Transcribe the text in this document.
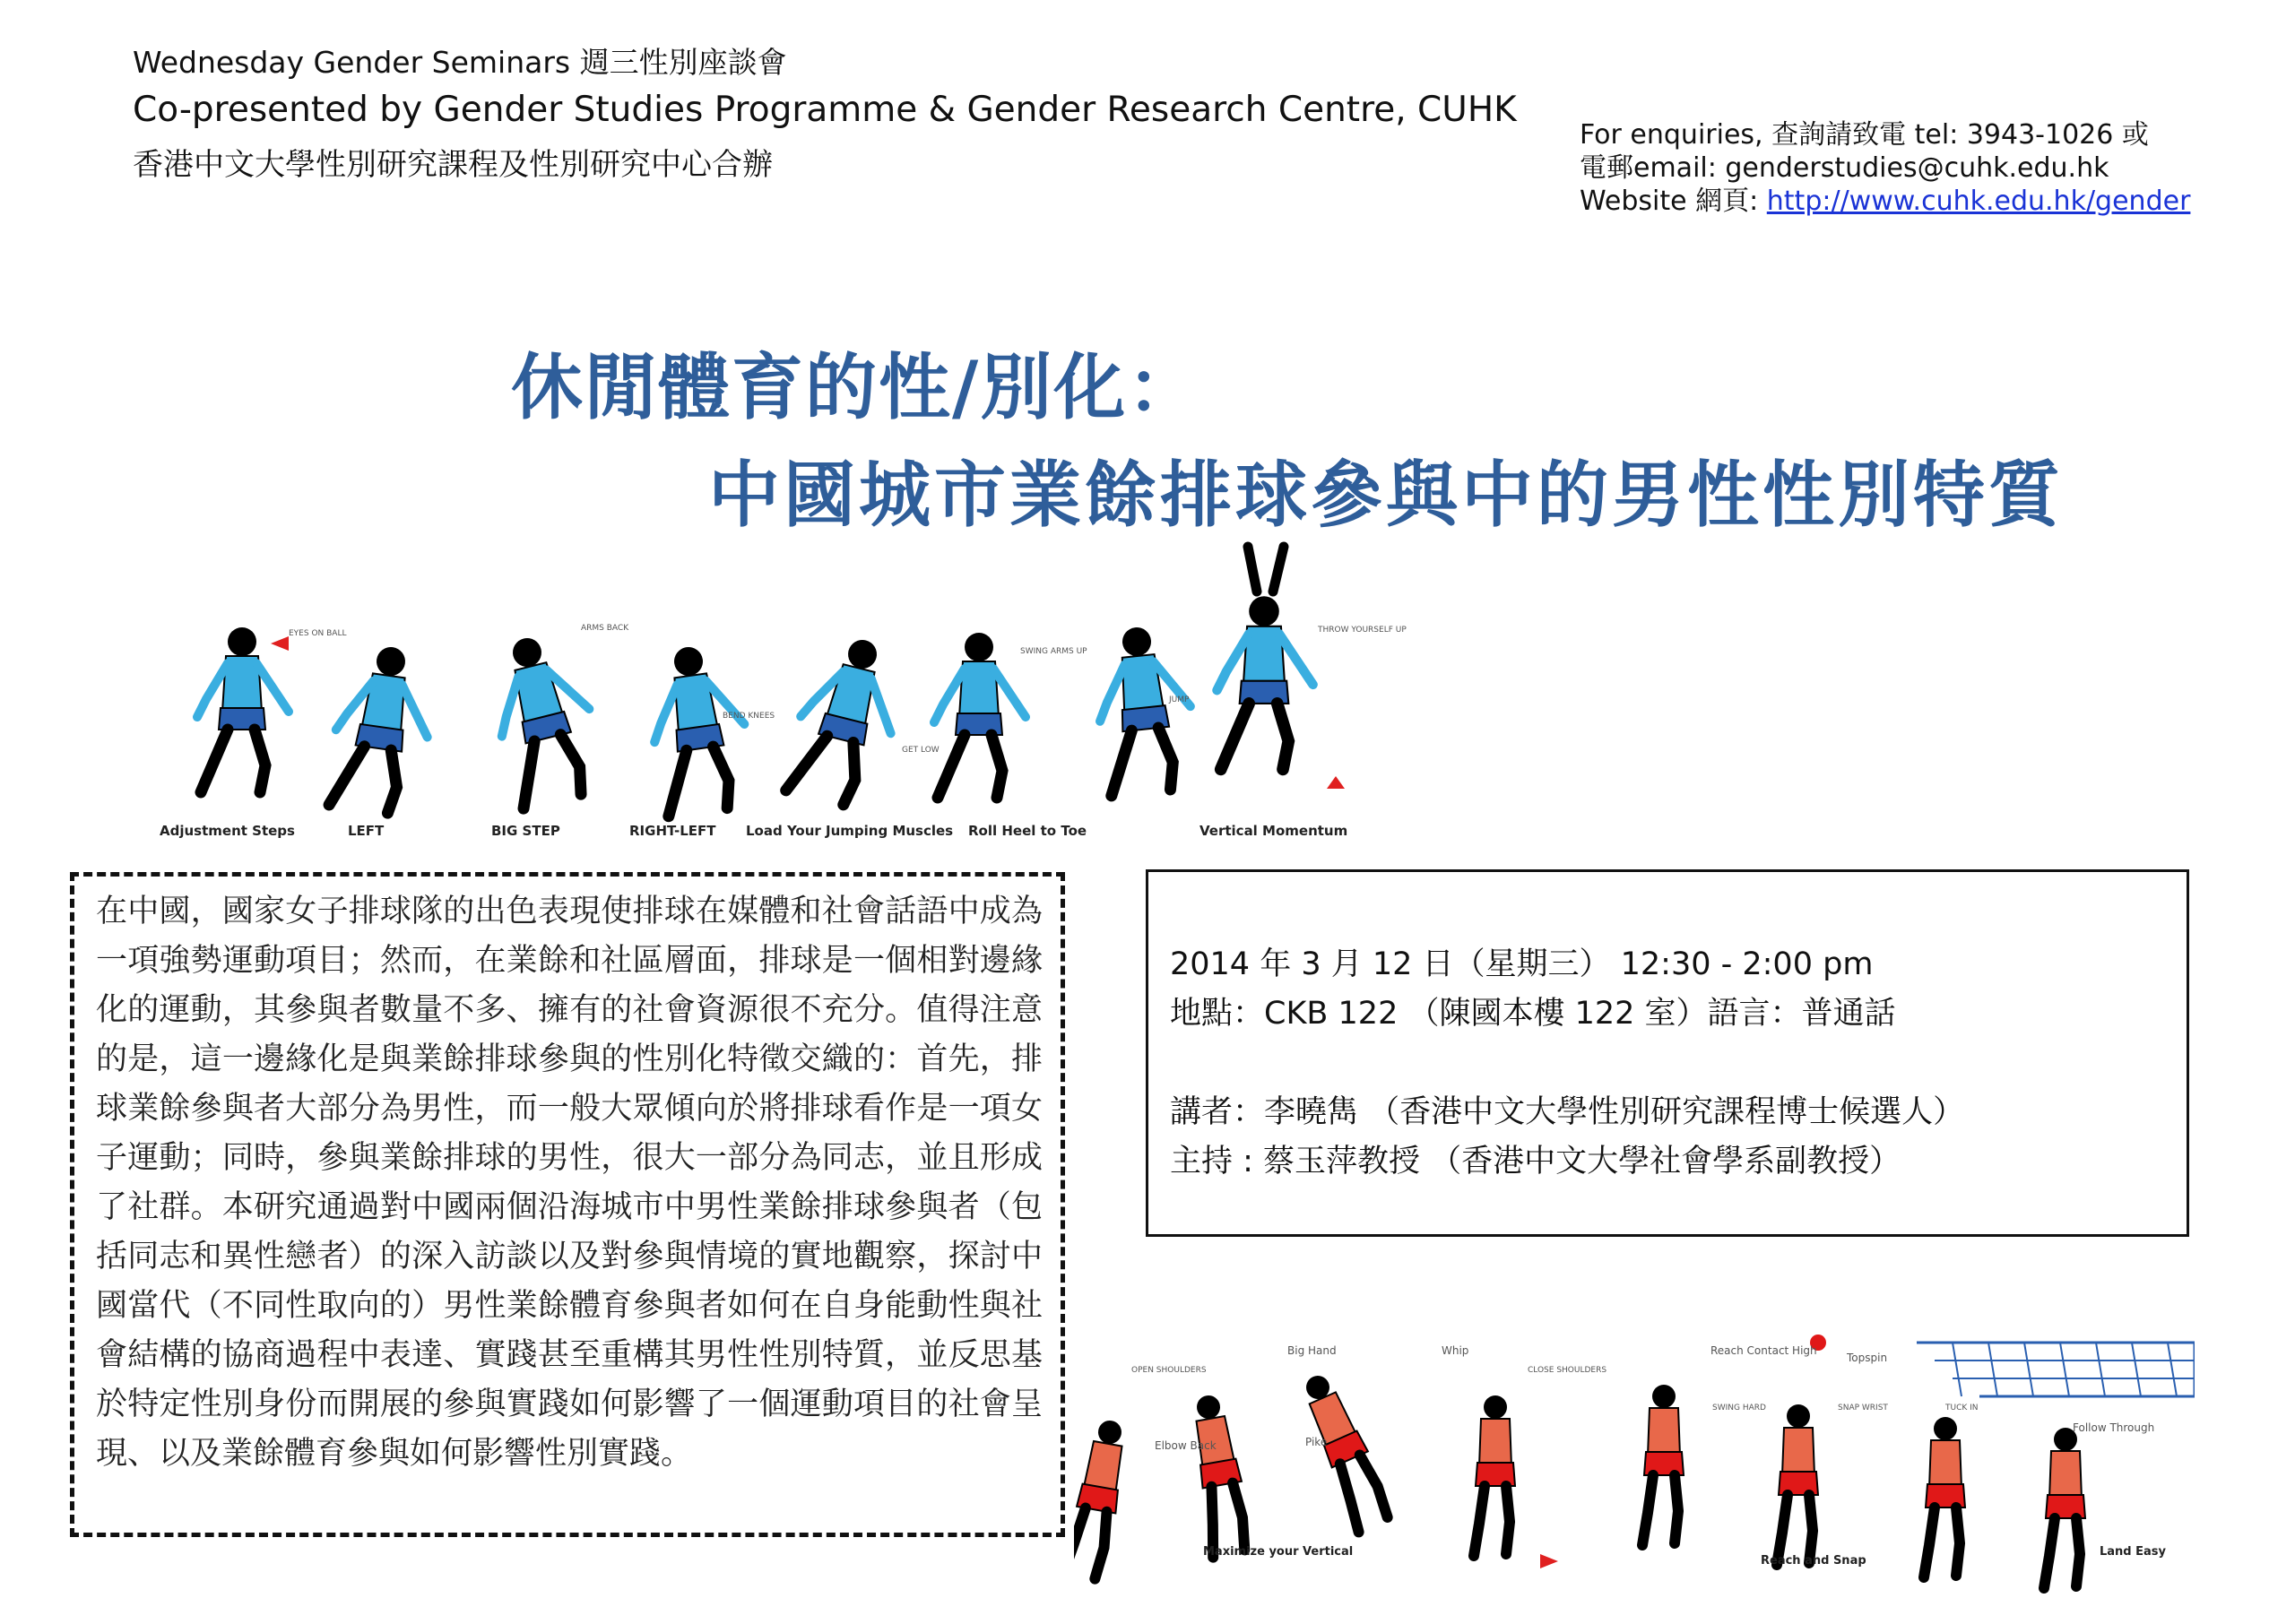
Wednesday Gender Seminars 週三性別座談會
Co-presented by Gender Studies Programme & Gender Research Centre, CUHK
香港中文大學性別研究課程及性別研究中心合辦
For enquiries, 查詢請致電 tel: 3943-1026 或
電郵email: genderstudies@cuhk.edu.hk
Website 網頁: http://www.cuhk.edu.hk/gender
休閒體育的性/別化：
中國城市業餘排球參與中的男性性別特質
Adjustment Steps	LEFT	BIG STEP	RIGHT-LEFT Load Your Jumping Muscles Roll Heel to Toe	Vertical Momentum
EYES ON BALL
ARMS BACK
BEND KNEES
GET LOW
SWING ARMS UP
JUMP
THROW YOURSELF UP

在中國，國家女子排球隊的出色表現使排球在媒體和社會話語中成為一項強勢運動項目；然而，在業餘和社區層面，排球是一個相對邊緣化的運動，其參與者數量不多、擁有的社會資源很不充分。值得注意的是，這一邊緣化是與業餘排球參與的性別化特徵交織的：首先，排球業餘參與者大部分為男性，而一般大眾傾向於將排球看作是一項女子運動；同時，參與業餘排球的男性，很大一部分為同志，並且形成了社群。本研究通過對中國兩個沿海城市中男性業餘排球參與者（包括同志和異性戀者）的深入訪談以及對參與情境的實地觀察，探討中國當代（不同性取向的）男性業餘體育參與者如何在自身能動性與社會結構的協商過程中表達、實踐甚至重構其男性性別特質，並反思基於特定性別身份而開展的參與實踐如何影響了一個運動項目的社會呈現、以及業餘體育參與如何影響性別實踐。

2014 年 3 月 12 日（星期三） 12:30 - 2:00 pm
地點：CKB 122 （陳國本樓 122 室）語言：普通話
講者：李曉雋 （香港中文大學性別研究課程博士候選人）
主持 : 蔡玉萍教授 （香港中文大學社會學系副教授）
Elbow Back
Big Hand
Pike
Whip	Reach Contact High
Topspin
Follow Through
Maximize your Vertical
Reach and Snap
Land Easy
OPEN SHOULDERS	CLOSE SHOULDERS
SWING HARD	SNAP WRIST	TUCK IN
